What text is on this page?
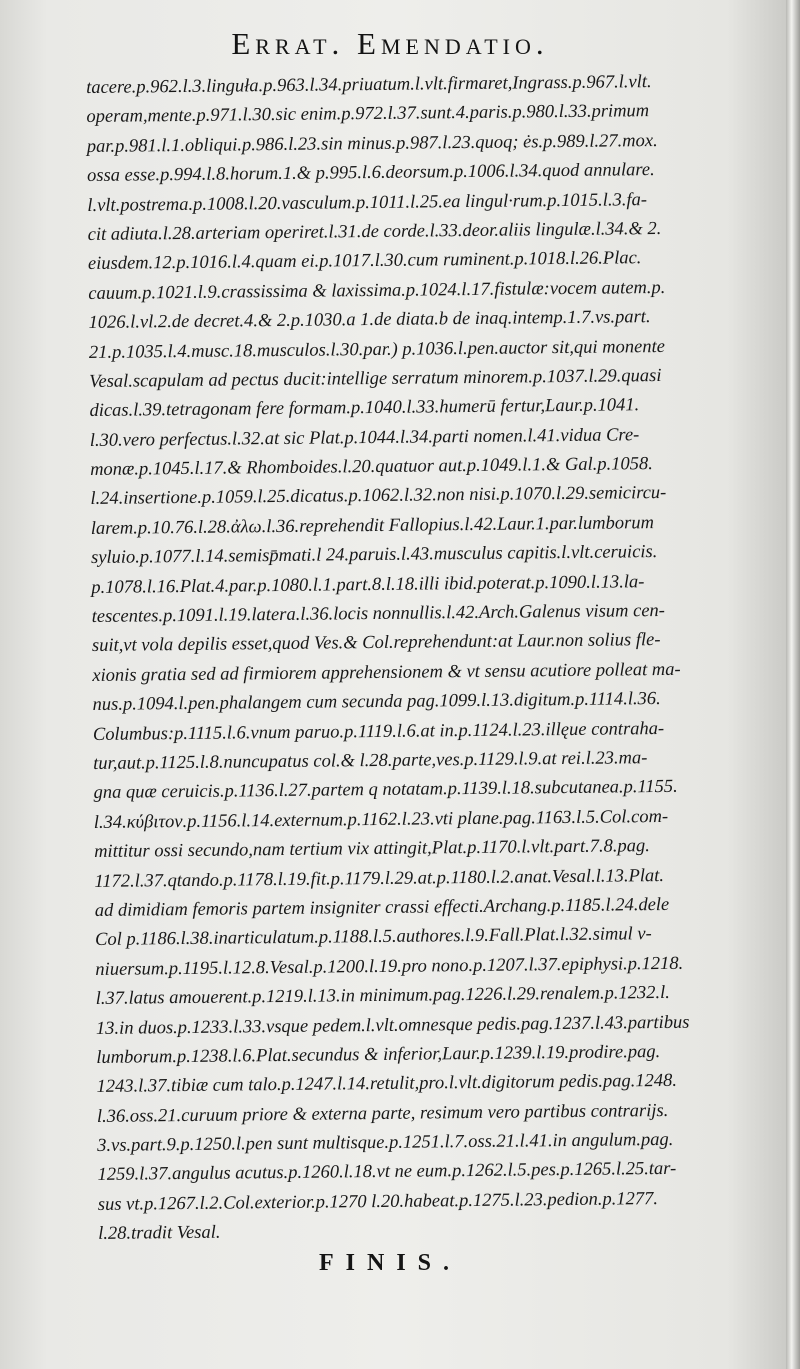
Errat. Emendatio.
tacere.p.962.l.3.linguła.p.963.l.34.priuatum.l.vlt.firmaret,Ingrass.p.967.l.vlt.
operam,mente.p.971.l.30.sic enim.p.972.l.37.sunt.4.paris.p.980.l.33.primum
par.p.981.l.1.obliqui.p.986.l.23.sin minus.p.987.l.23.quoq; ės.p.989.l.27.mox.
ossa esse.p.994.l.8.horum.1.& p.995.l.6.deorsum.p.1006.l.34.quod annulare.
l.vlt.postrema.p.1008.l.20.vasculum.p.1011.l.25.ea lingul·rum.p.1015.l.3.fa-
cit adiuta.l.28.arteriam operiret.l.31.de corde.l.33.deor.aliis lingulæ.l.34.& 2.
eiusdem.12.p.1016.l.4.quam ei.p.1017.l.30.cum ruminent.p.1018.l.26.Plac.
cauum.p.1021.l.9.crassissima & laxissima.p.1024.l.17.fistulæ:vocem autem.p.
1026.l.vl.2.de decret.4.& 2.p.1030.a 1.de diata.b de inaq.intemp.1.7.vs.part.
21.p.1035.l.4.musc.18.musculos.l.30.par.) p.1036.l.pen.auctor sit,qui monente
Vesal.scapulam ad pectus ducit:intellige serratum minorem.p.1037.l.29.quasi
dicas.l.39.tetragonam fere formam.p.1040.l.33.humerū fertur,Laur.p.1041.
l.30.vero perfectus.l.32.at sic Plat.p.1044.l.34.parti nomen.l.41.vidua Cre-
monæ.p.1045.l.17.& Rhomboides.l.20.quatuor aut.p.1049.l.1.& Gal.p.1058.
l.24.insertione.p.1059.l.25.dicatus.p.1062.l.32.non nisi.p.1070.l.29.semicircu-
larem.p.10.76.l.28.ἀλω.l.36.reprehendit Fallopius.l.42.Laur.1.par.lumborum
syluio.p.1077.l.14.semisp̄mati.l 24.paruis.l.43.musculus capitis.l.vlt.ceruicis.
p.1078.l.16.Plat.4.par.p.1080.l.1.part.8.l.18.illi ibid.poterat.p.1090.l.13.la-
tescentes.p.1091.l.19.latera.l.36.locis nonnullis.l.42.Arch.Galenus visum cen-
suit,vt vola depilis esset,quod Ves.& Col.reprehendunt:at Laur.non solius fle-
xionis gratia sed ad firmiorem apprehensionem & vt sensu acutiore polleat ma-
nus.p.1094.l.pen.phalangem cum secunda pag.1099.l.13.digitum.p.1114.l.36.
Columbus:p.1115.l.6.vnum paruo.p.1119.l.6.at in.p.1124.l.23.illęue contraha-
tur,aut.p.1125.l.8.nuncupatus col.& l.28.parte,ves.p.1129.l.9.at rei.l.23.ma-
gna quæ ceruicis.p.1136.l.27.partem q notatam.p.1139.l.18.subcutanea.p.1155.
l.34.κύβιτον.p.1156.l.14.externum.p.1162.l.23.vti plane.pag.1163.l.5.Col.com-
mittitur ossi secundo,nam tertium vix attingit,Plat.p.1170.l.vlt.part.7.8.pag.
1172.l.37.qtando.p.1178.l.19.fit.p.1179.l.29.at.p.1180.l.2.anat.Vesal.l.13.Plat.
ad dimidiam femoris partem insigniter crassi effecti.Archang.p.1185.l.24.dele
Col p.1186.l.38.inarticulatum.p.1188.l.5.authores.l.9.Fall.Plat.l.32.simul v-
niuersum.p.1195.l.12.8.Vesal.p.1200.l.19.pro nono.p.1207.l.37.epiphysi.p.1218.
l.37.latus amouerent.p.1219.l.13.in minimum.pag.1226.l.29.renalem.p.1232.l.
13.in duos.p.1233.l.33.vsque pedem.l.vlt.omnesque pedis.pag.1237.l.43.partibus
lumborum.p.1238.l.6.Plat.secundus & inferior,Laur.p.1239.l.19.prodire.pag.
1243.l.37.tibiæ cum talo.p.1247.l.14.retulit,pro.l.vlt.digitorum pedis.pag.1248.
l.36.oss.21.curuum priore & externa parte, resimum vero partibus contrarijs.
3.vs.part.9.p.1250.l.pen sunt multisque.p.1251.l.7.oss.21.l.41.in angulum.pag.
1259.l.37.angulus acutus.p.1260.l.18.vt ne eum.p.1262.l.5.pes.p.1265.l.25.tar-
sus vt.p.1267.l.2.Col.exterior.p.1270 l.20.habeat.p.1275.l.23.pedion.p.1277.
l.28.tradit Vesal.
FINIS.
